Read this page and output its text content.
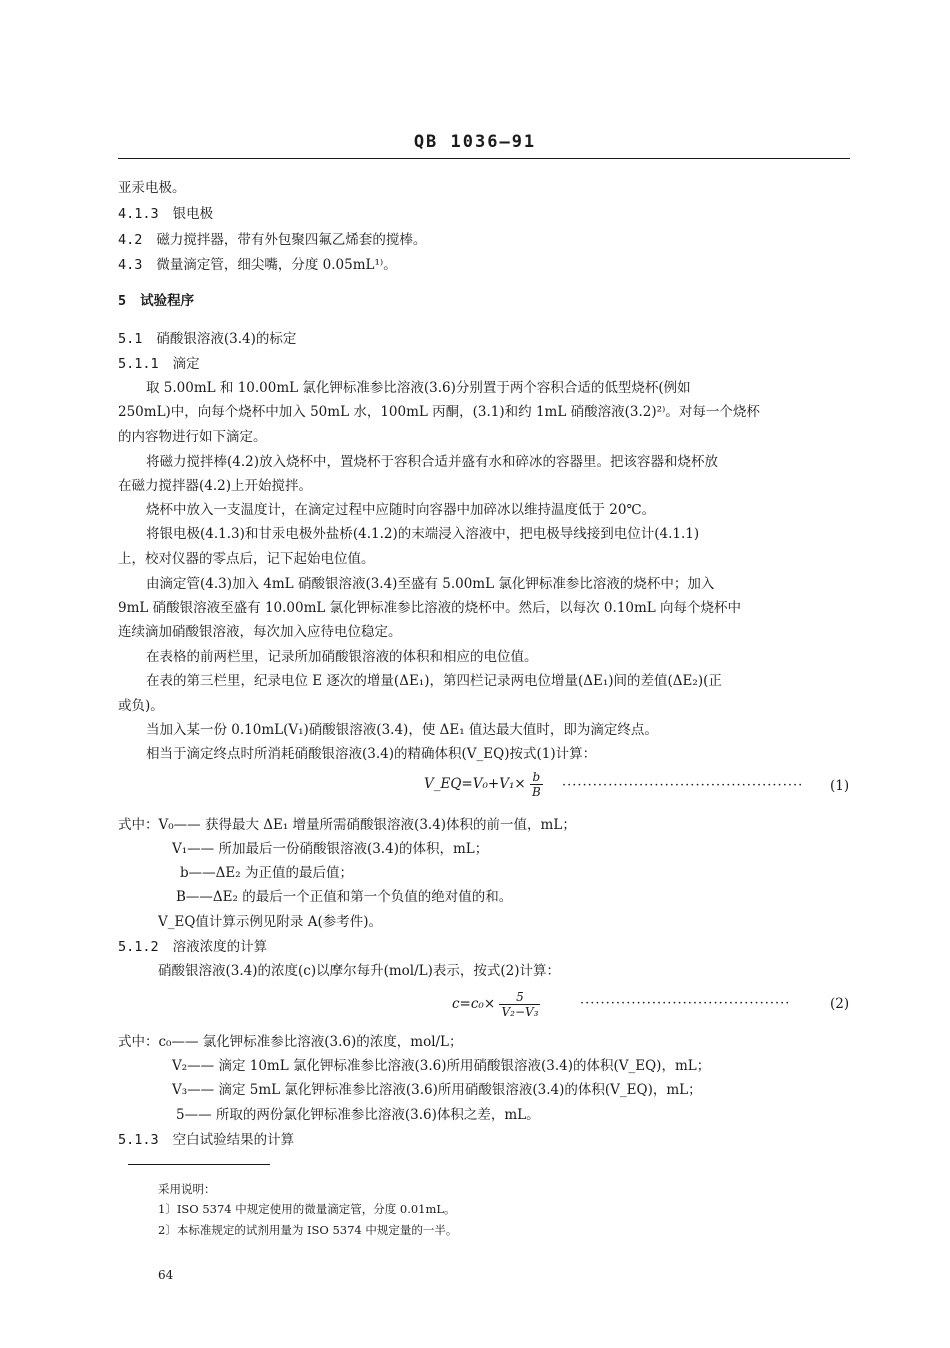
QB 1036—91
亚汞电极。
4.1.3 银电极
4.2 磁力搅拌器，带有外包聚四氟乙烯套的搅棒。
4.3 微量滴定管，细尖嘴，分度 0.05mL¹⁾。
5 试验程序
5.1 硝酸银溶液(3.4)的标定
5.1.1 滴定
取 5.00mL 和 10.00mL 氯化钾标准参比溶液(3.6)分别置于两个容积合适的低型烧杯(例如
250mL)中，向每个烧杯中加入 50mL 水，100mL 丙酮，(3.1)和约 1mL 硝酸溶液(3.2)²⁾。对每一个烧杯
的内容物进行如下滴定。
将磁力搅拌棒(4.2)放入烧杯中，置烧杯于容积合适并盛有水和碎冰的容器里。把该容器和烧杯放
在磁力搅拌器(4.2)上开始搅拌。
烧杯中放入一支温度计，在滴定过程中应随时向容器中加碎冰以维持温度低于 20℃。
将银电极(4.1.3)和甘汞电极外盐桥(4.1.2)的末端浸入溶液中，把电极导线接到电位计(4.1.1)
上，校对仪器的零点后，记下起始电位值。
由滴定管(4.3)加入 4mL 硝酸银溶液(3.4)至盛有 5.00mL 氯化钾标准参比溶液的烧杯中；加入
9mL 硝酸银溶液至盛有 10.00mL 氯化钾标准参比溶液的烧杯中。然后，以每次 0.10mL 向每个烧杯中
连续滴加硝酸银溶液，每次加入应待电位稳定。
在表格的前两栏里，记录所加硝酸银溶液的体积和相应的电位值。
在表的第三栏里，纪录电位 E 逐次的增量(ΔE₁)，第四栏记录两电位增量(ΔE₁)间的差值(ΔE₂)(正
或负)。
当加入某一份 0.10mL(V₁)硝酸银溶液(3.4)，使 ΔE₁ 值达最大值时，即为滴定终点。
相当于滴定终点时所消耗硝酸银溶液(3.4)的精确体积(V_EQ)按式(1)计算：
V_EQ=V₀+V₁× $\frac{b}{B}$ ··············································· (1)
式中：V₀—— 获得最大 ΔE₁ 增量所需硝酸银溶液(3.4)体积的前一值，mL；
V₁—— 所加最后一份硝酸银溶液(3.4)的体积，mL；
b——ΔE₂ 为正值的最后值；
B——ΔE₂ 的最后一个正值和第一个负值的绝对值的和。
V_EQ值计算示例见附录 A(参考件)。
5.1.2 溶液浓度的计算
硝酸银溶液(3.4)的浓度(c)以摩尔每升(mol/L)表示，按式(2)计算：
$c=c_0\times \frac{5}{\text{V₂−V₃}}$	·········································	(2)
式中：c₀—— 氯化钾标准参比溶液(3.6)的浓度，mol/L；
V₂—— 滴定 10mL 氯化钾标准参比溶液(3.6)所用硝酸银溶液(3.4)的体积(V_EQ)，mL；
V₃—— 滴定 5mL 氯化钾标准参比溶液(3.6)所用硝酸银溶液(3.4)的体积(V_EQ)，mL；
5—— 所取的两份氯化钾标准参比溶液(3.6)体积之差，mL。
5.1.3 空白试验结果的计算
采用说明：
1〕ISO 5374 中规定使用的微量滴定管，分度 0.01mL。
2〕本标准规定的试剂用量为 ISO 5374 中规定量的一半。
64
